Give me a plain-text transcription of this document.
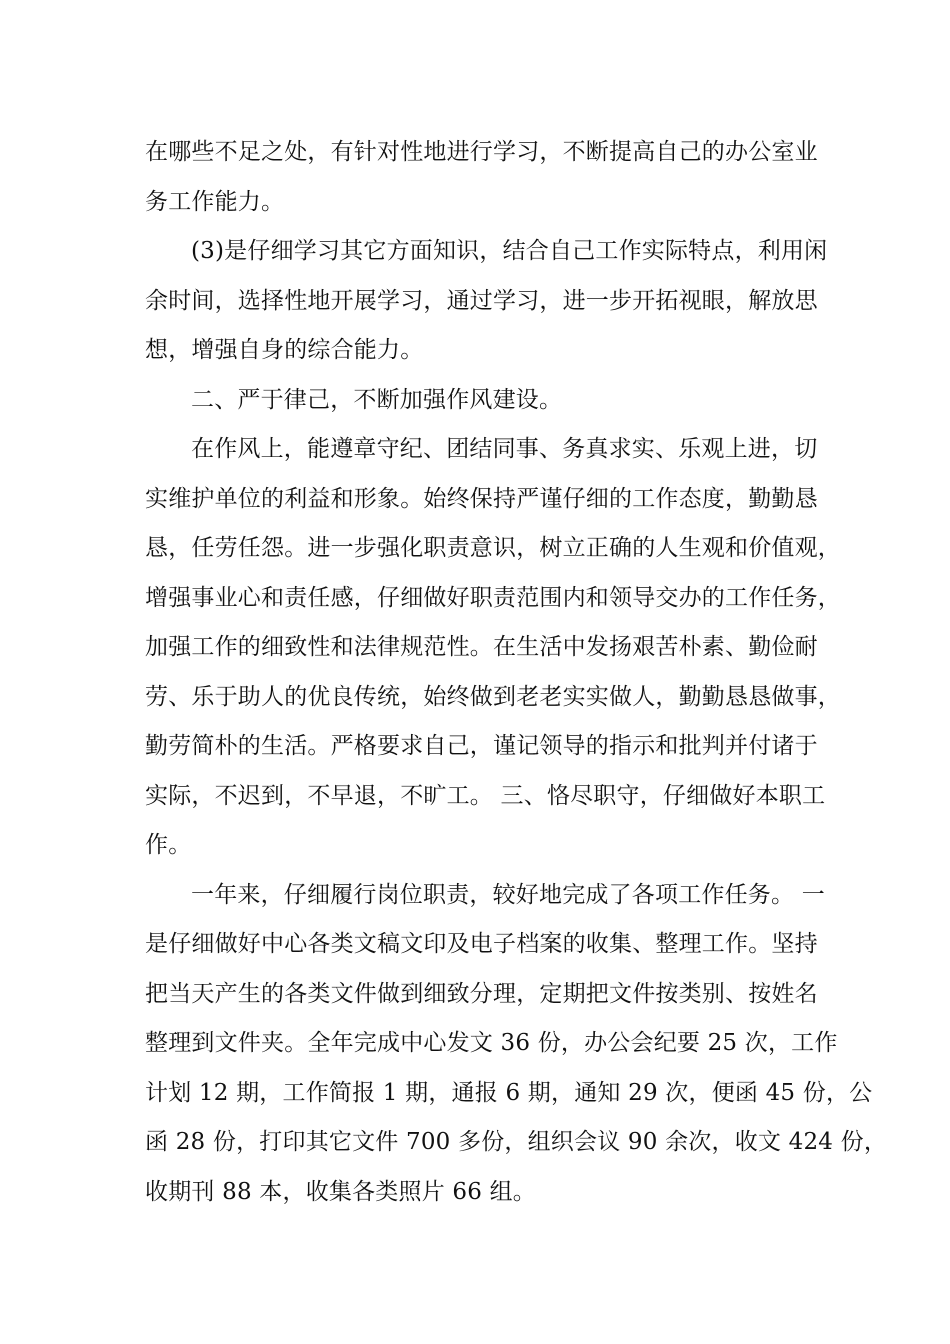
在哪些不足之处，有针对性地进行学习，不断提高自己的办公室业
务工作能力。
(3)是仔细学习其它方面知识，结合自己工作实际特点，利用闲
余时间，选择性地开展学习，通过学习，进一步开拓视眼，解放思
想，增强自身的综合能力。
二、严于律己，不断加强作风建设。
在作风上，能遵章守纪、团结同事、务真求实、乐观上进，切
实维护单位的利益和形象。始终保持严谨仔细的工作态度，勤勤恳
恳，任劳任怨。进一步强化职责意识，树立正确的人生观和价值观，
增强事业心和责任感，仔细做好职责范围内和领导交办的工作任务，
加强工作的细致性和法律规范性。在生活中发扬艰苦朴素、勤俭耐
劳、乐于助人的优良传统，始终做到老老实实做人，勤勤恳恳做事，
勤劳简朴的生活。严格要求自己，谨记领导的指示和批判并付诸于
实际，不迟到，不早退，不旷工。 三、恪尽职守，仔细做好本职工
作。
一年来，仔细履行岗位职责，较好地完成了各项工作任务。 一
是仔细做好中心各类文稿文印及电子档案的收集、整理工作。坚持
把当天产生的各类文件做到细致分理，定期把文件按类别、按姓名
整理到文件夹。全年完成中心发文 36 份，办公会纪要 25 次，工作
计划 12 期，工作简报 1 期，通报 6 期，通知 29 次，便函 45 份，公
函 28 份，打印其它文件 700 多份，组织会议 90 余次，收文 424 份，
收期刊 88 本，收集各类照片 66 组。
